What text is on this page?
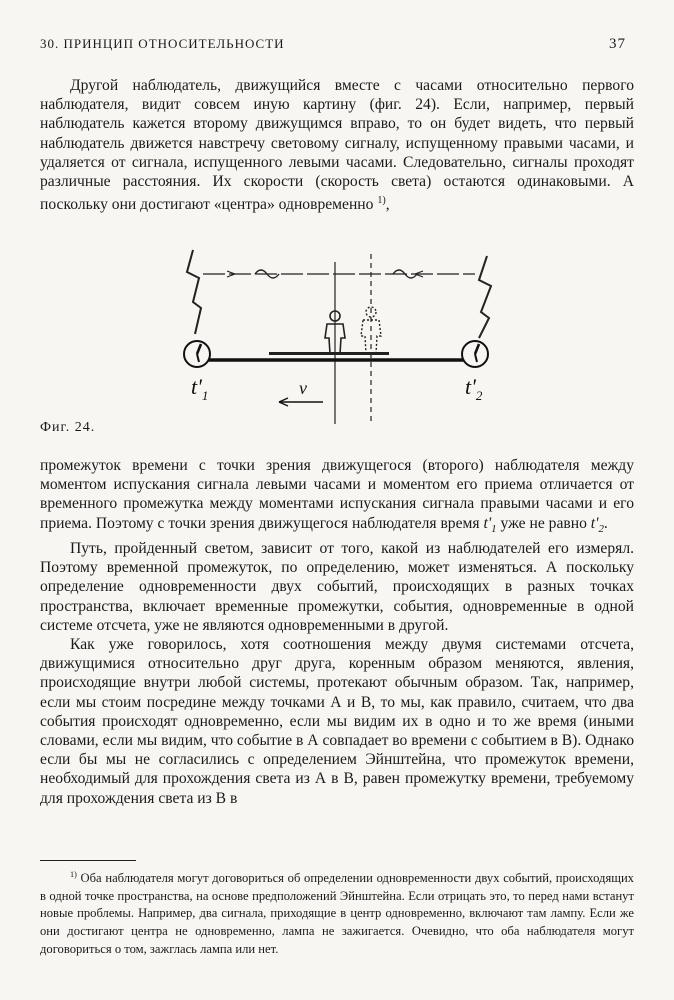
30. ПРИНЦИП ОТНОСИТЕЛЬНОСТИ	37

Другой наблюдатель, движущийся вместе с часами относительно первого наблюдателя, видит совсем иную картину (фиг. 24). Если, например, первый наблюдатель кажется второму движущимся вправо, то он будет видеть, что первый наблюдатель движется навстречу световому сигналу, испущенному правыми часами, и удаляется от сигнала, испущенного левыми часами. Следовательно, сигналы проходят различные расстояния. Их скорости (скорость света) остаются одинаковыми. А поскольку они достигают «центра» одновременно $^{1)}$,

$t'_1$	$t'_2$
v
Фиг. 24.

промежуток времени с точки зрения движущегося (второго) наблюдателя между моментом испускания сигнала левыми часами и моментом его приема отличается от временного промежутка между моментами испускания сигнала правыми часами и его приема. Поэтому с точки зрения движущегося наблюдателя время $t'_1$ уже не равно $t'_2$.

Путь, пройденный светом, зависит от того, какой из наблюдателей его измерял. Поэтому временной промежуток, по определению, может изменяться. А поскольку определение одновременности двух событий, происходящих в разных точках пространства, включает временные промежутки, события, одновременные в одной системе отсчета, уже не являются одновременными в другой.

Как уже говорилось, хотя соотношения между двумя системами отсчета, движущимися относительно друг друга, коренным образом меняются, явления, происходящие внутри любой системы, протекают обычным образом. Так, например, если мы стоим посредине между точками А и В, то мы, как правило, считаем, что два события происходят одновременно, если мы видим их в одно и то же время (иными словами, если мы видим, что событие в А совпадает во времени с событием в В). Однако если бы мы не согласились с определением Эйнштейна, что промежуток времени, необходимый для прохождения света из А в В, равен промежутку времени, требуемому для прохождения света из В в

$^{1)}$ Оба наблюдателя могут договориться об определении одновременности двух событий, происходящих в одной точке пространства, на основе предположений Эйнштейна. Если отрицать это, то перед нами встанут новые проблемы. Например, два сигнала, приходящие в центр одновременно, включают там лампу. Если же они достигают центра не одновременно, лампа не зажигается. Очевидно, что оба наблюдателя могут договориться о том, зажглась лампа или нет.
